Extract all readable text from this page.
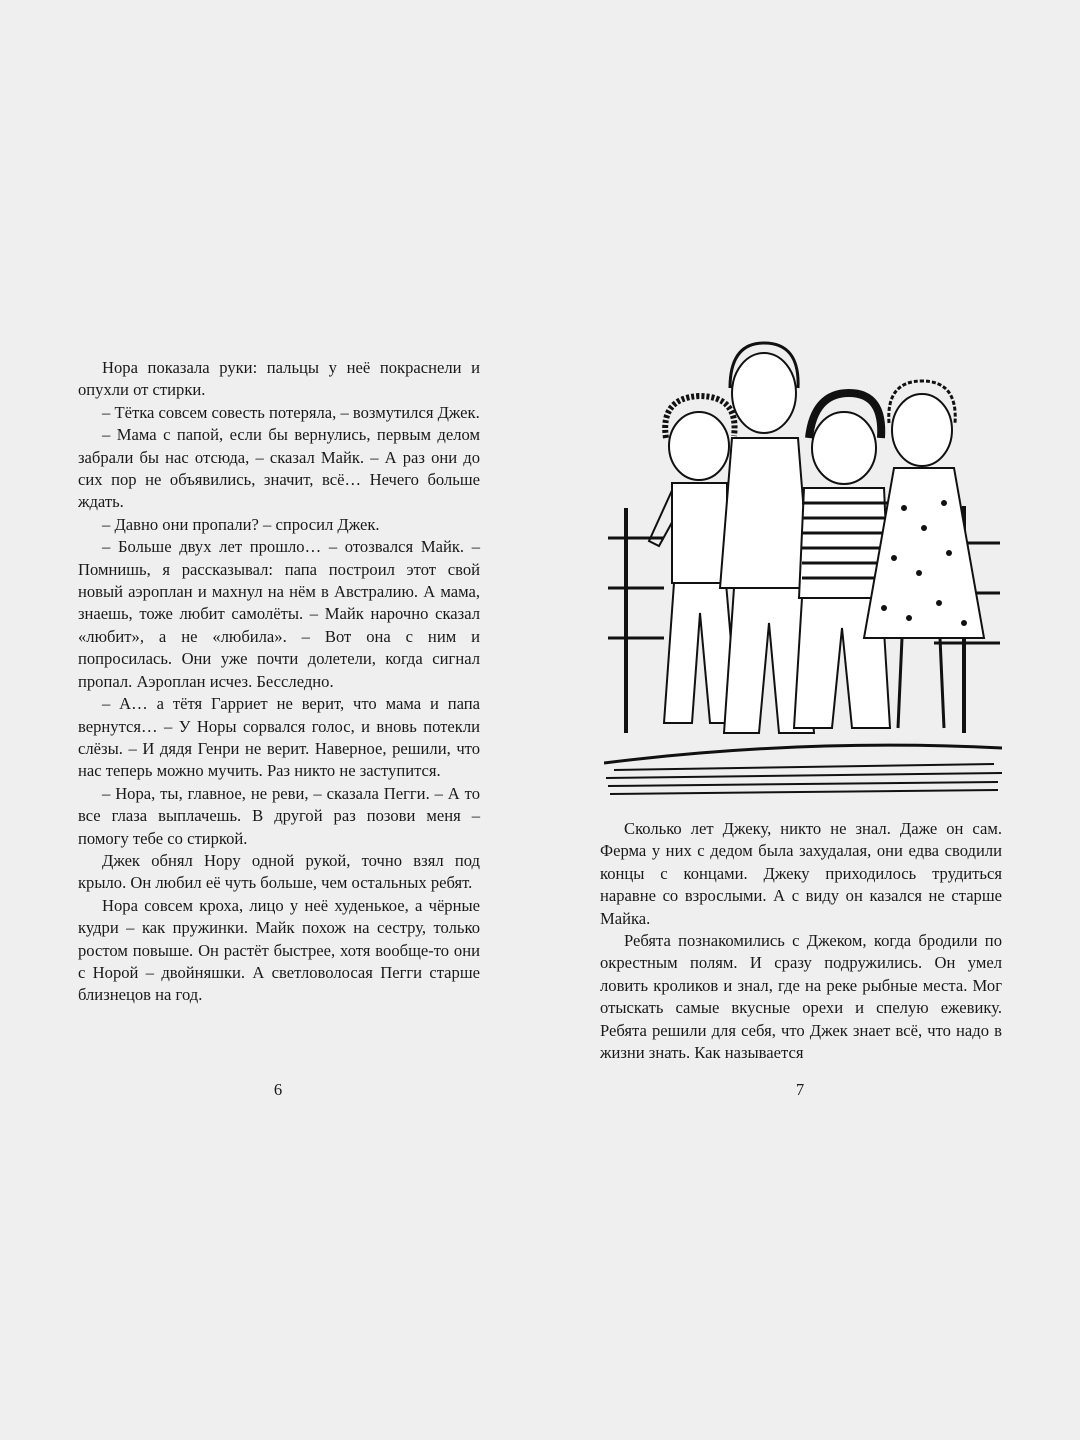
Нора показала руки: пальцы у неё покраснели и опухли от стирки.

– Тётка совсем совесть потеряла, – возмутился Джек.

– Мама с папой, если бы вернулись, первым делом забрали бы нас отсюда, – сказал Майк. – А раз они до сих пор не объявились, значит, всё… Нечего больше ждать.

– Давно они пропали? – спросил Джек.

– Больше двух лет прошло… – отозвался Майк. – Помнишь, я рассказывал: папа построил этот свой новый аэроплан и махнул на нём в Австралию. А мама, знаешь, тоже любит самолёты. – Майк нарочно сказал «любит», а не «любила». – Вот она с ним и попросилась. Они уже почти долетели, когда сигнал пропал. Аэроплан исчез. Бесследно.

– А… а тётя Гарриет не верит, что мама и папа вернутся… – У Норы сорвался голос, и вновь потекли слёзы. – И дядя Генри не верит. Наверное, решили, что нас теперь можно мучить. Раз никто не заступится.

– Нора, ты, главное, не реви, – сказала Пегги. – А то все глаза выплачешь. В другой раз позови меня – помогу тебе со стиркой.

Джек обнял Нору одной рукой, точно взял под крыло. Он любил её чуть больше, чем остальных ребят.

Нора совсем кроха, лицо у неё худенькое, а чёрные кудри – как пружинки. Майк похож на сестру, только ростом повыше. Он растёт быстрее, хотя вообще-то они с Норой – двойняшки. А светловолосая Пегги старше близнецов на год.

6

Сколько лет Джеку, никто не знал. Даже он сам. Ферма у них с дедом была захудалая, они едва сводили концы с концами. Джеку приходилось трудиться наравне со взрослыми. А с виду он казался не старше Майка.

Ребята познакомились с Джеком, когда бродили по окрестным полям. И сразу подружились. Он умел ловить кроликов и знал, где на реке рыбные места. Мог отыскать самые вкусные орехи и спелую ежевику. Ребята решили для себя, что Джек знает всё, что надо в жизни знать. Как называется

7
